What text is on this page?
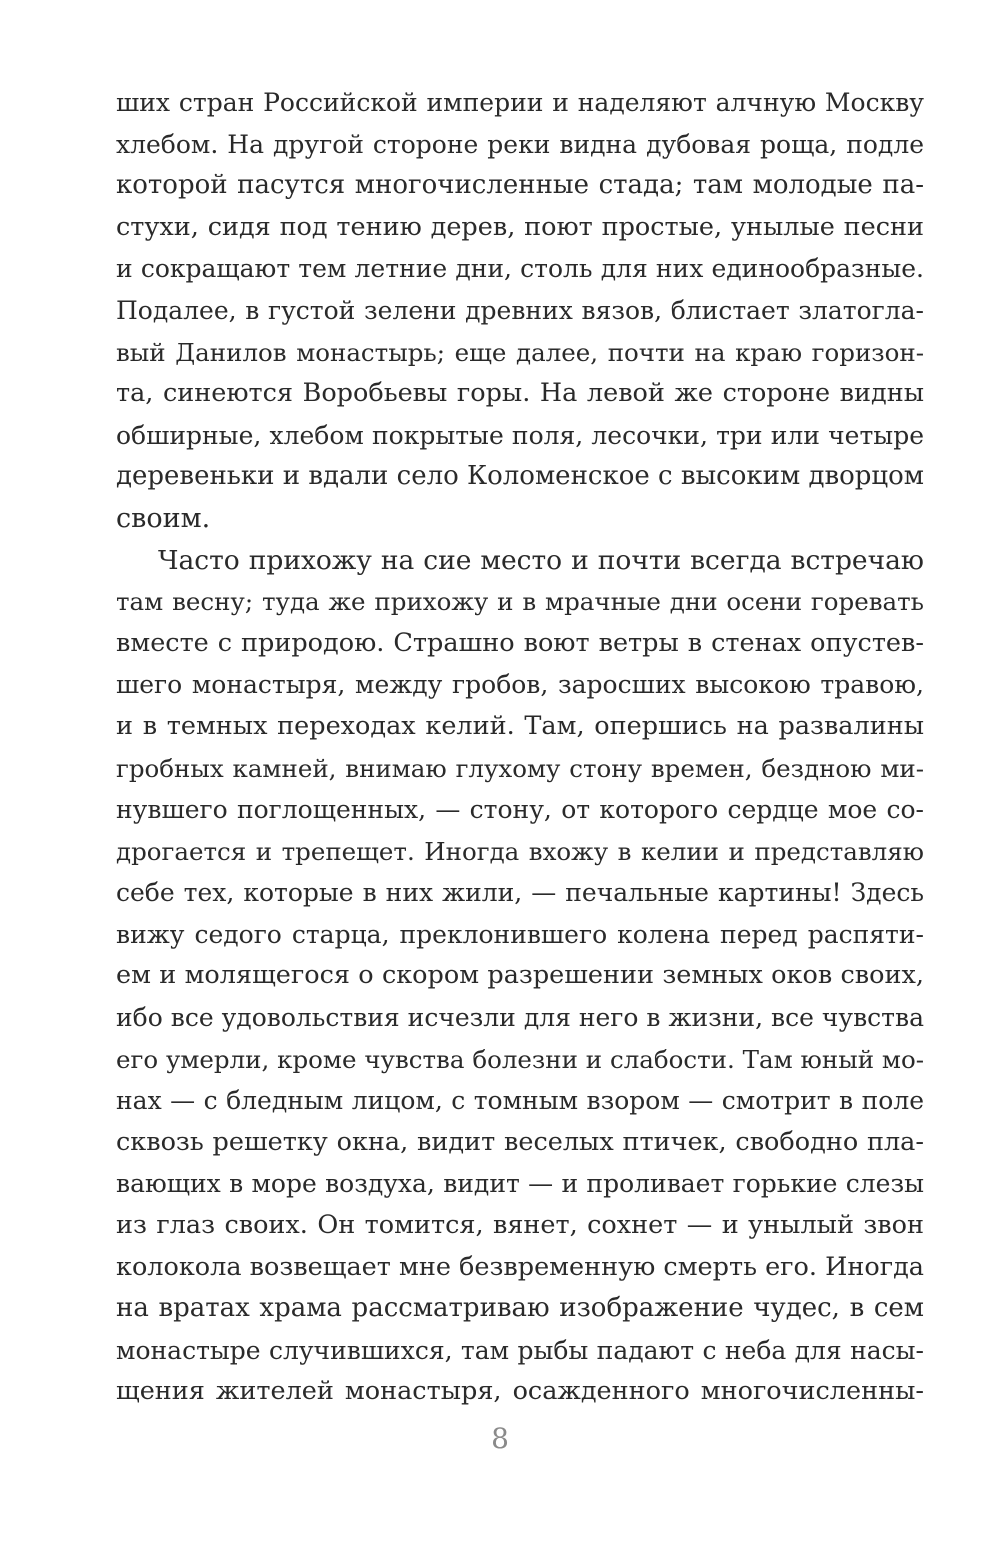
ших стран Российской империи и наделяют алчную Москву
хлебом. На другой стороне реки видна дубовая роща, подле
которой пасутся многочисленные стада; там молодые па-
стухи, сидя под тению дерев, поют простые, унылые песни
и сокращают тем летние дни, столь для них единообразные.
Подалее, в густой зелени древних вязов, блистает златогла-
вый Данилов монастырь; еще далее, почти на краю горизон-
та, синеются Воробьевы горы. На левой же стороне видны
обширные, хлебом покрытые поля, лесочки, три или четыре
деревеньки и вдали село Коломенское с высоким дворцом
своим.
Часто прихожу на сие место и почти всегда встречаю
там весну; туда же прихожу и в мрачные дни осени горевать
вместе с природою. Страшно воют ветры в стенах опустев-
шего монастыря, между гробов, заросших высокою травою,
и в темных переходах келий. Там, опершись на развалины
гробных камней, внимаю глухому стону времен, бездною ми-
нувшего поглощенных, — стону, от которого сердце мое со-
дрогается и трепещет. Иногда вхожу в келии и представляю
себе тех, которые в них жили, — печальные картины! Здесь
вижу седого старца, преклонившего колена перед распяти-
ем и молящегося о скором разрешении земных оков своих,
ибо все удовольствия исчезли для него в жизни, все чувства
его умерли, кроме чувства болезни и слабости. Там юный мо-
нах — с бледным лицом, с томным взором — смотрит в поле
сквозь решетку окна, видит веселых птичек, свободно пла-
вающих в море воздуха, видит — и проливает горькие слезы
из глаз своих. Он томится, вянет, сохнет — и унылый звон
колокола возвещает мне безвременную смерть его. Иногда
на вратах храма рассматриваю изображение чудес, в сем
монастыре случившихся, там рыбы падают с неба для насы-
щения жителей монастыря, осажденного многочисленны-
8
